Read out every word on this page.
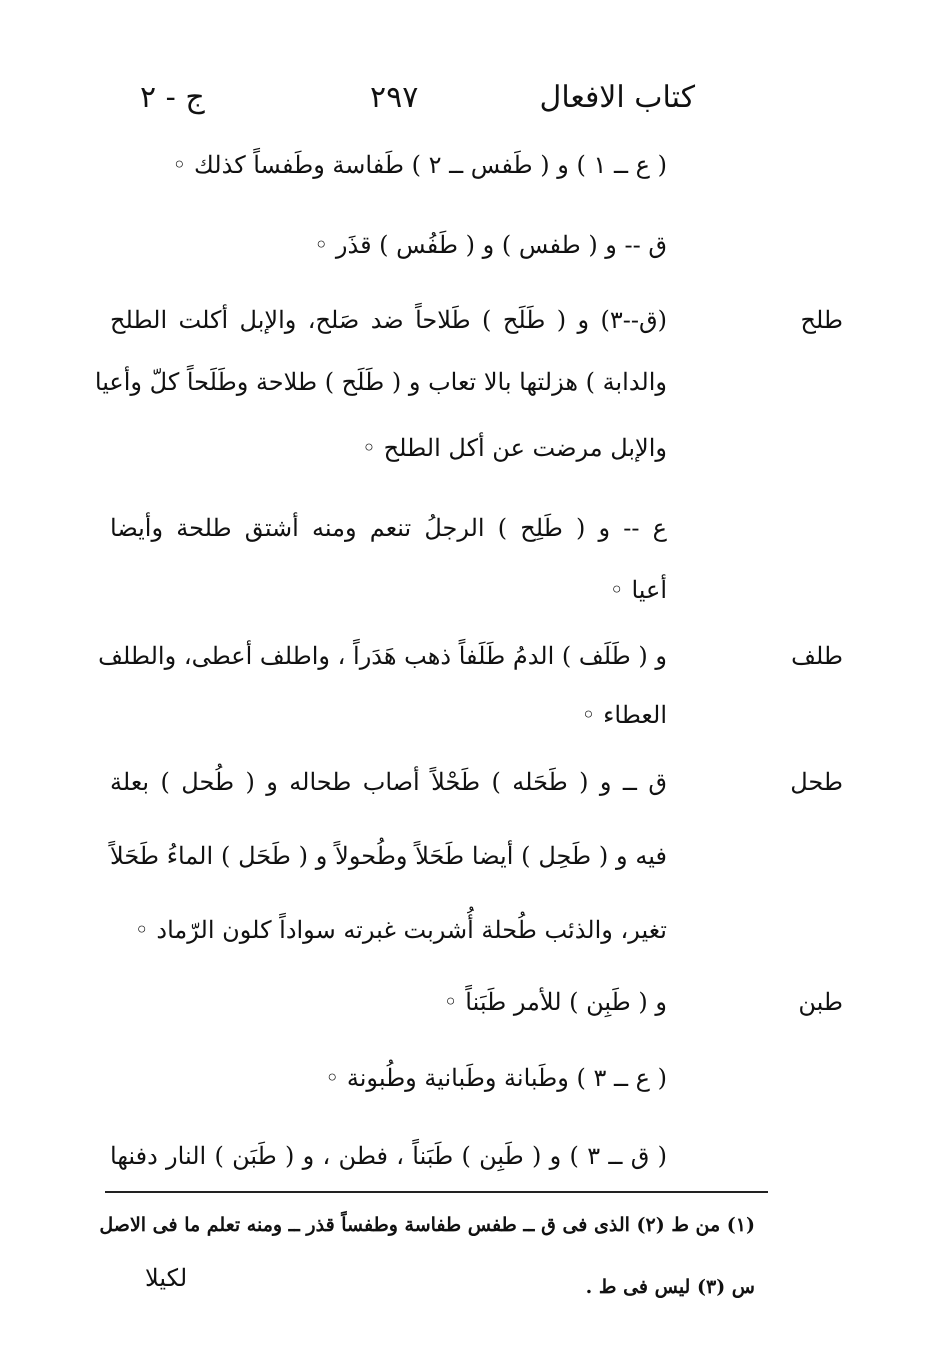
كتاب الافعال
٢٩٧
ج - ٢
( ع ــ ١ ) و ( طَفس ــ ٢ ) طَفاسة وطَفساً كذلك ◦
ق -- و ( طفس ) و ( طَفُس ) قذَر ◦
طلح
(ق--٣) و ( طَلَح ) طَلاحاً ضد صَلح، والإبل أكلت الطلح
والدابة ) هزلتها بالا تعاب و ( طَلَح ) طلاحة وطَلَحاً كلّ وأعيا
والإبل مرضت عن أكل الطلح ◦
ع -- و ( طَلِح ) الرجلُ تنعم ومنه أشتق طلحة وأيضا
أعيا ◦
طلف
و ( طَلَف ) الدمُ طَلَفاً ذهب هَدَراً ، واطلف أعطى، والطلف
العطاء ◦
طحل
ق ــ و ( طَحَله ) طَحْلاً أصاب طحاله و ( طُحل ) بعلة
فيه و ( طَحِل ) أيضا طَحَلاً وطُحولاً و ( طَحَل ) الماءُ طَحَلاً
تغير، والذئب طُحلة أُشربت غبرته سواداً كلون الرّماد ◦
طبن
و ( طَبِن ) للأمر طَبَناً ◦
( ع ــ ٣ ) وطَبانة وطَبانية وطُبونة ◦
( ق ــ ٣ ) و ( طَبِن ) طَبَناً ، فطن ، و ( طَبَن ) النار دفنها
(١) من ط (٢) الذى فى ق ــ طفس طفاسة وطفساً قذر ــ ومنه تعلم ما فى الاصل
س (٣) ليس فى ط .
لكيلا
